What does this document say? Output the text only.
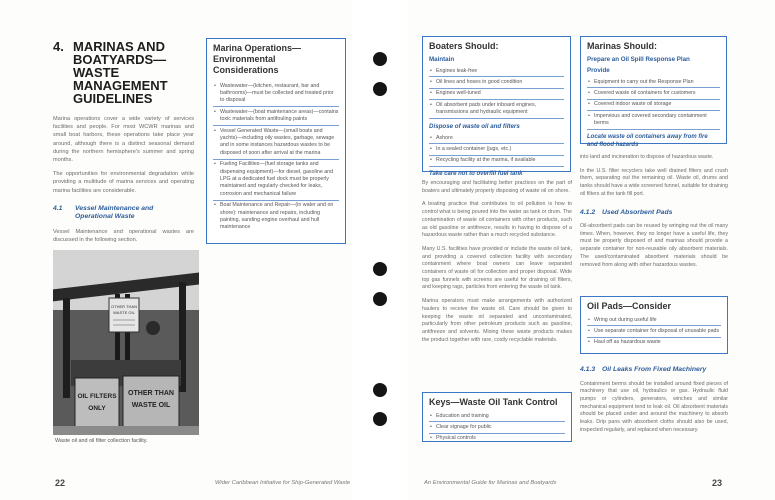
4. MARINAS AND
BOATYARDS—
WASTE MANAGEMENT
GUIDELINES

Marina operations cover a wide variety of services facilities and people. For most WCWR marinas and small boat harbors, these operations take place year around, although there is a distinct seasonal demand during the northern hemisphere's summer and spring months.

The opportunities for environmental degradation while providing a multitude of marina services and operating marina facilities are considerable.

4.1	Vessel Maintenance and
Operational Waste

Vessel Maintenance and operational wastes are discussed in the following section.

Marina Operations—
Environmental Considerations
• Wastewater—(kitchen, restaurant, bar and bathrooms)—must be collected and treated prior to disposal
• Wastewater—(boat maintenance areas)—contains toxic materials from antifouling paints
• Vessel Generated Waste—(small boats and yachts)—including oily wastes, garbage, sewage and in some instances hazardous wastes to be disposed of soon after arrival at the marina
• Fueling Facilities—(fuel storage tanks and dispensing equipment)—for diesel, gasoline and LPG at a dedicated fuel dock must be properly maintained and regularly checked for leaks, corrosion and mechanical failure
• Boat Maintenance and Repair—(in water and on shore): maintenance and repairs, including painting, sanding engine overhaul and hull maintenance
OTHER THAN
WASTE OIL
OIL FILTERS
ONLY
OTHER THAN
WASTE OIL
Waste oil and oil filter collection facility.
22	Wider Caribbean Initiative for Ship-Generated Waste
Boaters Should:
Maintain
• Engines leak-free
• Oil lines and hoses in good condition
• Engines well-tuned
• Oil absorbent pads under inboard engines, transmissions and hydraulic equipment
Dispose of waste oil and filters
• Ashore
• In a sealed container (jugs, etc.)
• Recycling facility at the marina, if available
Take care not to overfill fuel tank
Marinas Should:
Prepare an Oil Spill Response Plan
Provide
• Equipment to carry out the Response Plan
• Covered waste oil containers for customers
• Covered indoor waste oil storage
• Impervious and covered secondary containment berms
Locate waste oil containers away from fire and flood hazards

By encouraging and facilitating better practices on the part of boaters and ultimately properly disposing of waste oil on shore.

A boating practice that contributes to oil pollution is how to control what is being poured into the water as tank or drum. The contamination of waste oil containers with other products, such as old gasoline or antifreeze, results in having to dispose of a hazardous waste rather than a much recycled substance.

Many U.S. facilities have provided or include the waste oil tank, and providing a covered collection facility with secondary containment where boat owners can leave separated containers of waste oil for collection and proper disposal. Wide top gas funnels with screens are useful for draining oil filters, and keeping rags, particles from entering the waste oil tank.

Marina operators must make arrangements with authorized haulers to receive the waste oil. Care should be given to keeping the waste oil separated and uncontaminated, particularly from other petroleum products such as gasoline, antifreeze and solvents. Mixing these waste products makes the product together with rare, costly recyclable materials.

Keys—Waste Oil Tank Control
• Education and training
• Clear signage for public
• Physical controls

into land and incineration to dispose of hazardous waste.

In the U.S. filter recyclers take well drained filters and crush them, separating out the remaining oil. Waste oil, drums and tanks should have a wide screened funnel, suitable for draining oil filters at the tank fill port.

4.1.2	Used Absorbent Pads

Oil-absorbent pads can be reused by wringing out the oil many times. When, however, they no longer have a useful life, they must be properly disposed of and marinas should provide a separate container for non-reusable oily absorbent materials. The used/contaminated absorbent materials should be removed from along with other hazardous wastes.

Oil Pads—Consider
• Wring out during useful life
• Use separate container for disposal of unusable pads
• Haul off as hazardous waste
4.1.3	Oil Leaks From Fixed Machinery

Containment berms should be installed around fixed pieces of machinery that use oil, hydraulics or gas. Hydraulic fluid pumps or cylinders, generators, winches and similar mechanical equipment tend to leak oil. Oil absorbent materials should be placed under and around the machinery to absorb leaks. Drip pans with absorbent cloths should also be used, inspected regularly, and replaced when necessary.

An Environmental Guide for Marinas and Boatyards	23
